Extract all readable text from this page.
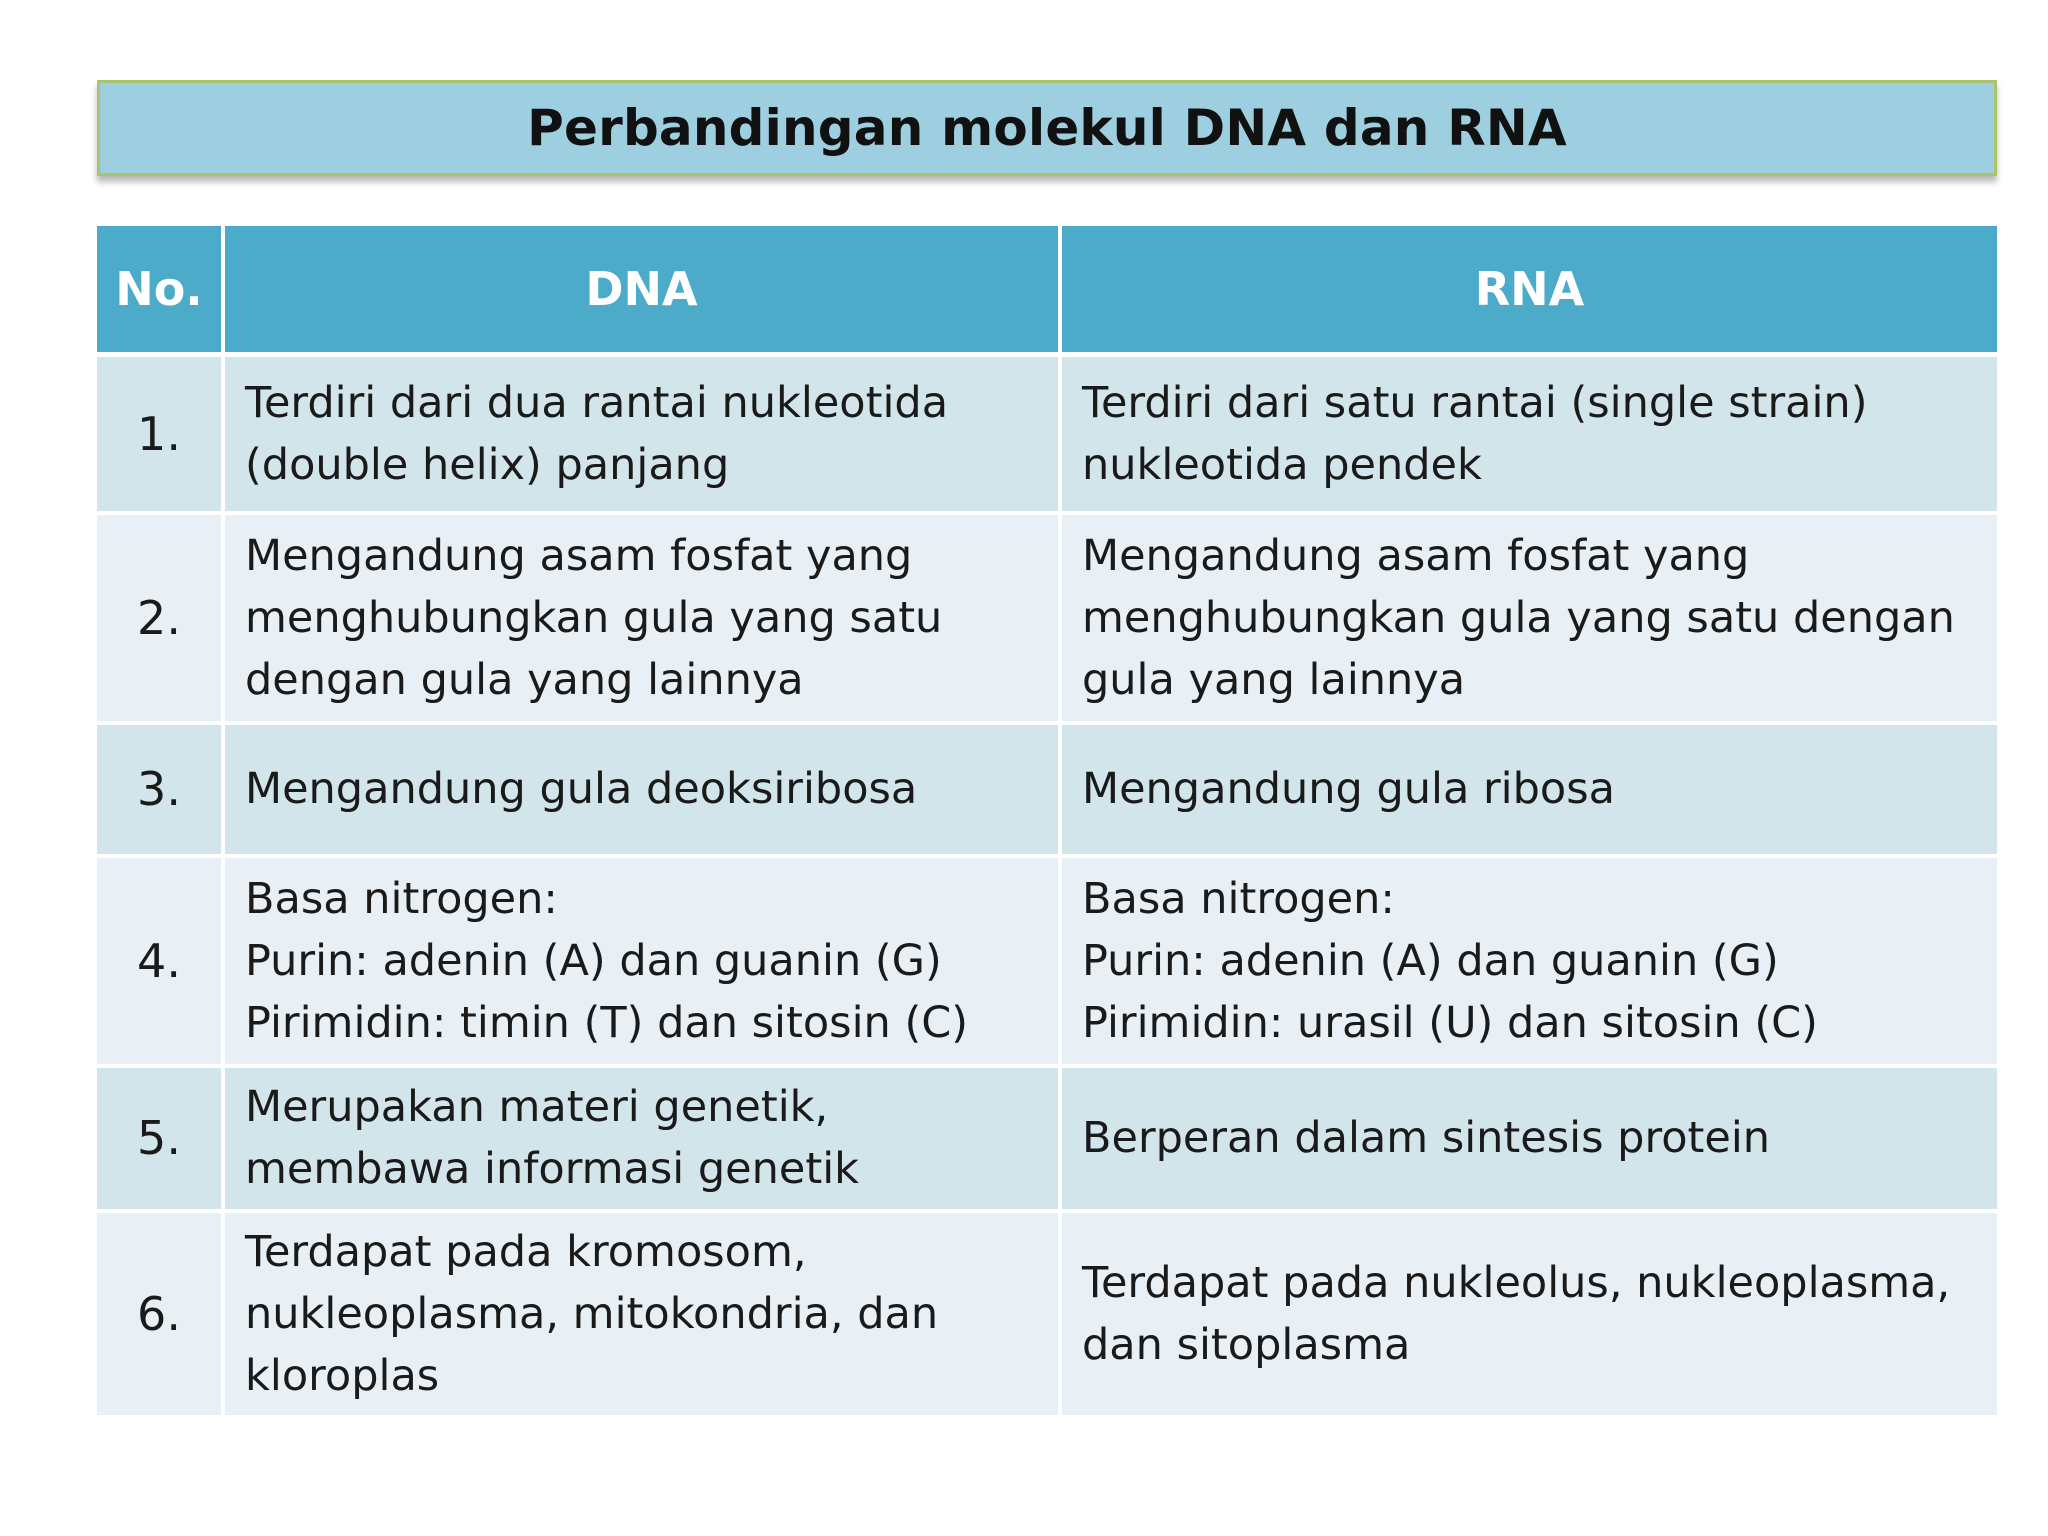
Perbandingan molekul DNA dan RNA
No.	DNA	RNA
1.	Terdiri dari dua rantai nukleotida
(double helix) panjang	Terdiri dari satu rantai (single strain)
nukleotida pendek

2.	Mengandung asam fosfat yang
menghubungkan gula yang satu
dengan gula yang lainnya	Mengandung asam fosfat yang
menghubungkan gula yang satu dengan
gula yang lainnya

3.	Mengandung gula deoksiribosa	Mengandung gula ribosa

4.	Basa nitrogen:
Purin: adenin (A) dan guanin (G)
Pirimidin: timin (T) dan sitosin (C)	Basa nitrogen:
Purin: adenin (A) dan guanin (G)
Pirimidin: urasil (U) dan sitosin (C)

5.	Merupakan materi genetik,
membawa informasi genetik	Berperan dalam sintesis protein

6.	Terdapat pada kromosom,
nukleoplasma, mitokondria, dan
kloroplas	Terdapat pada nukleolus, nukleoplasma,
dan sitoplasma
